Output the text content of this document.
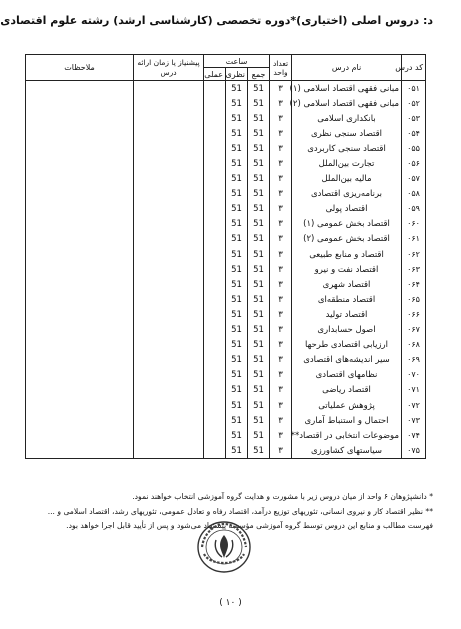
د: دروس اصلی (اختیاری)*دوره تخصصی (کارشناسی ارشد) رشته علوم اقتصادی
کد درس	نام درس	تعداد واحد	ساعت			پیشنیاز یا زمان ارائه درس	ملاحظات
			جمع	نظری	عملی		
۰۵۱	مبانی فقهی اقتصاد اسلامی (۱)	۳	51	51			
۰۵۲	مبانی فقهی اقتصاد اسلامی (۲)	۳	51	51			
۰۵۳	بانکداری اسلامی	۳	51	51			
۰۵۴	اقتصاد سنجی نظری	۳	51	51			
۰۵۵	اقتصاد سنجی کاربردی	۳	51	51			
۰۵۶	تجارت بین‌الملل	۳	51	51			
۰۵۷	مالیه بین‌الملل	۳	51	51			
۰۵۸	برنامه‌ریزی اقتصادی	۳	51	51			
۰۵۹	اقتصاد پولی	۳	51	51			
۰۶۰	اقتصاد بخش عمومی (۱)	۳	51	51			
۰۶۱	اقتصاد بخش عمومی (۲)	۳	51	51			
۰۶۲	اقتصاد و منابع طبیعی	۳	51	51			
۰۶۳	اقتصاد نفت و نیرو	۳	51	51			
۰۶۴	اقتصاد شهری	۳	51	51			
۰۶۵	اقتصاد منطقه‌ای	۳	51	51			
۰۶۶	اقتصاد تولید	۳	51	51			
۰۶۷	اصول حسابداری	۳	51	51			
۰۶۸	ارزیابی اقتصادی طرحها	۳	51	51			
۰۶۹	سیر اندیشه‌های اقتصادی	۳	51	51			
۰۷۰	نظامهای اقتصادی	۳	51	51			
۰۷۱	اقتصاد ریاضی	۳	51	51			
۰۷۲	پژوهش عملیاتی	۳	51	51			
۰۷۳	احتمال و استنباط آماری	۳	51	51			
۰۷۴	موضوعات انتخابی در اقتصاد**	۳	51	51			
۰۷۵	سیاستهای کشاورزی	۳	51	51			

* دانشپژوهان ۶ واحد از میان دروس زیر با مشورت و هدایت گروه آموزشی انتخاب خواهند نمود.

** نظیر اقتصاد کار و نیروی انسانی، تئوریهای توزیع درآمد، اقتصاد رفاه و تعادل عمومی، تئوریهای رشد، اقتصاد اسلامی و ... فهرست مطالب و منابع این دروس توسط گروه آموزشی مؤسسه پیشنهاد می‌شود و پس از تأیید قابل اجرا خواهد بود.

( ۱۰ )
